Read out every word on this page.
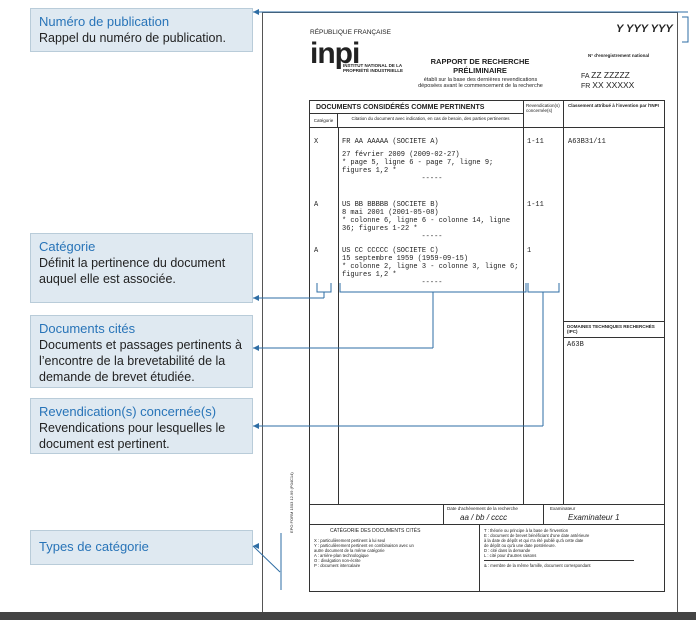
Numéro de publication
Rappel du numéro de publication.
Catégorie
Définit la pertinence du document auquel elle est associée.
Documents cités
Documents et passages pertinents à l’encontre de la brevetabilité de la demande de brevet étudiée.
Revendication(s) concernée(s)
Revendications pour lesquelles le document est pertinent.
Types de catégorie
RÉPUBLIQUE FRANÇAISE	Y YYY YYY
inpi
INSTITUT NATIONAL DE LA PROPRIÉTÉ INDUSTRIELLE
RAPPORT DE RECHERCHE
PRÉLIMINAIRE
établi sur la base des dernières revendications déposées avant le commencement de la recherche
N° d'enregistrement national
FA ZZ ZZZZZ
FR XX XXXXX
DOCUMENTS CONSIDÉRÉS COMME PERTINENTS
Catégorie	Citation du document avec indication, en cas de besoin, des parties pertinentes
Revendication(s) concernée(s)
Classement attribué à l'invention par l'INPI
X	FR AA AAAAA (SOCIETE A)
27 février 2009 (2009-02-27)
* page 5, ligne 6 - page 7, ligne 9;
figures 1,2 *
-----
1-11	A63B31/11
A	US BB BBBBB (SOCIETE B)
8 mai 2001 (2001-05-08)
* colonne 6, ligne 6 - colonne 14, ligne
36; figures 1-22 *
-----
1-11
A	US CC CCCCC (SOCIETE C)
15 septembre 1959 (1959-09-15)
* colonne 2, ligne 3 - colonne 3, ligne 6;
figures 1,2 *
-----
1
DOMAINES TECHNIQUES RECHERCHÉS (IPC)
A63B
Date d'achèvement de la recherche
aa / bb / cccc
Examinateur
Examinateur 1
CATÉGORIE DES DOCUMENTS CITÉS
X : particulièrement pertinent à lui seul
Y : particulièrement pertinent en combinaison avec un
autre document de la même catégorie
A : arrière-plan technologique
O : divulgation non-écrite
P : document intercalaire
T : théorie ou principe à la base de l'invention
E : document de brevet bénéficiant d'une date antérieure
à la date de dépôt et qui n'a été publié qu'à cette date
de dépôt ou qu'à une date postérieure.
D : cité dans la demande
L : cité pour d'autres raisons
& : membre de la même famille, document correspondant
EPO FORM 1503 12.99 (P04C14)
